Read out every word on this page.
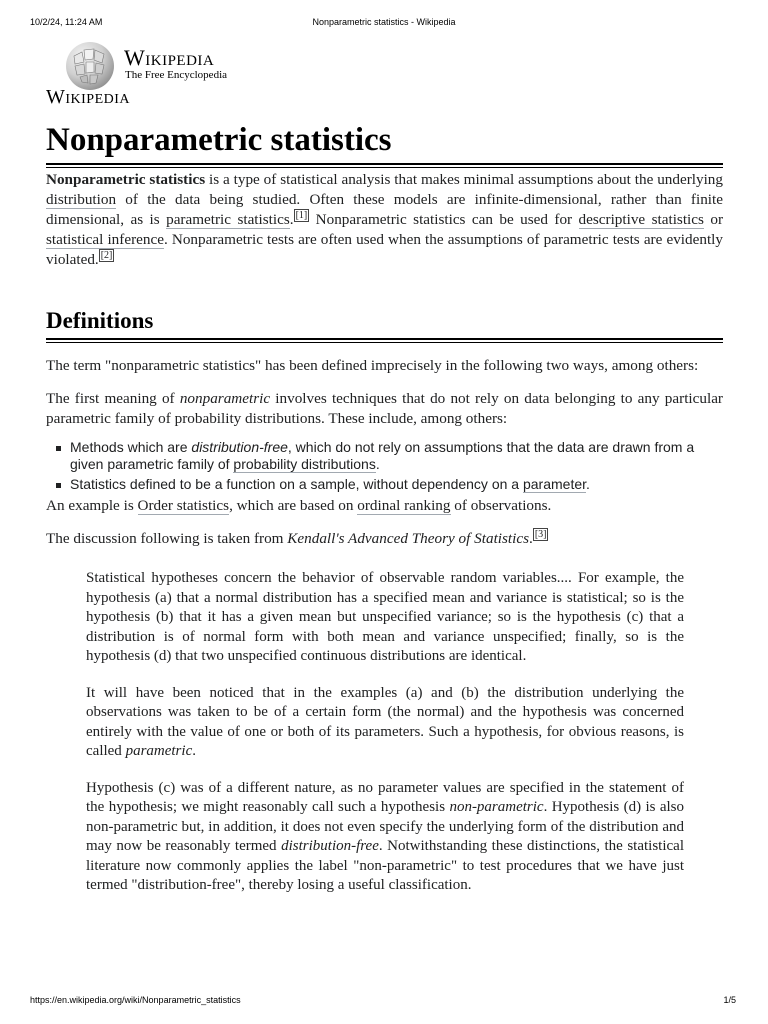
10/2/24, 11:24 AM	Nonparametric statistics - Wikipedia
Wikipedia
The Free Encyclopedia
Wikipedia
Nonparametric statistics

Nonparametric statistics is a type of statistical analysis that makes minimal assumptions about the underlying distribution of the data being studied. Often these models are infinite-dimensional, rather than finite dimensional, as is parametric statistics. [1] Nonparametric statistics can be used for descriptive statistics or statistical inference. Nonparametric tests are often used when the assumptions of parametric tests are evidently violated. [2]

Definitions

The term "nonparametric statistics" has been defined imprecisely in the following two ways, among others:

The first meaning of nonparametric involves techniques that do not rely on data belonging to any particular parametric family of probability distributions. These include, among others:

Methods which are distribution-free, which do not rely on assumptions that the data are drawn from a given parametric family of probability distributions.
Statistics defined to be a function on a sample, without dependency on a parameter.

An example is Order statistics, which are based on ordinal ranking of observations.

The discussion following is taken from Kendall's Advanced Theory of Statistics. [3]

Statistical hypotheses concern the behavior of observable random variables.... For example, the hypothesis (a) that a normal distribution has a specified mean and variance is statistical; so is the hypothesis (b) that it has a given mean but unspecified variance; so is the hypothesis (c) that a distribution is of normal form with both mean and variance unspecified; finally, so is the hypothesis (d) that two unspecified continuous distributions are identical.

It will have been noticed that in the examples (a) and (b) the distribution underlying the observations was taken to be of a certain form (the normal) and the hypothesis was concerned entirely with the value of one or both of its parameters. Such a hypothesis, for obvious reasons, is called parametric.

Hypothesis (c) was of a different nature, as no parameter values are specified in the statement of the hypothesis; we might reasonably call such a hypothesis non-parametric. Hypothesis (d) is also non-parametric but, in addition, it does not even specify the underlying form of the distribution and may now be reasonably termed distribution-free. Notwithstanding these distinctions, the statistical literature now commonly applies the label "non-parametric" to test procedures that we have just termed "distribution-free", thereby losing a useful classification.

https://en.wikipedia.org/wiki/Nonparametric_statistics	1/5
